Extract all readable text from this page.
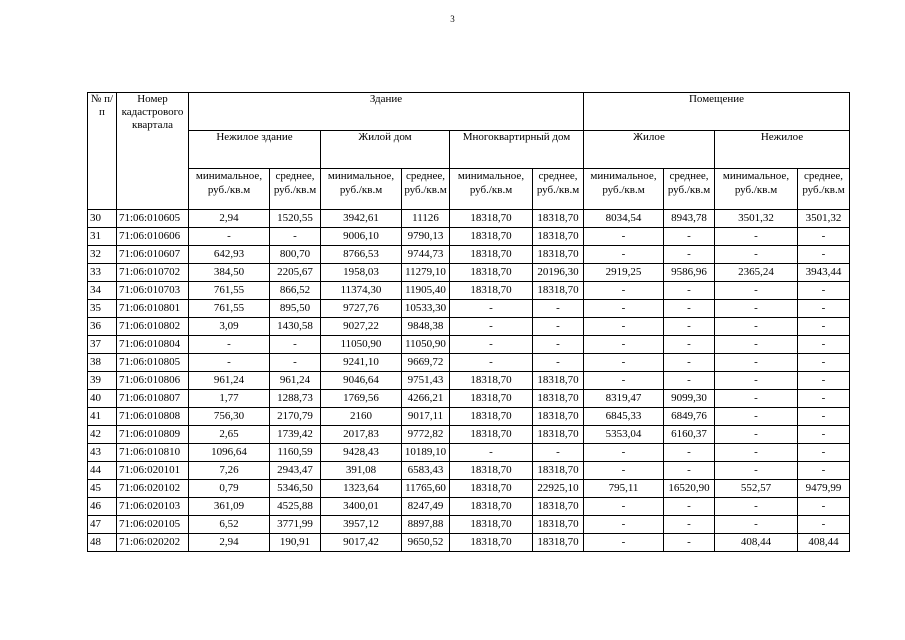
3
№ п/п	Номер кадастрового квартала	Здание						Помещение			
		Нежилое здание		Жилой дом		Многоквартирный дом		Жилое		Нежилое	
		минимальное, руб./кв.м	среднее, руб./кв.м	минимальное, руб./кв.м	среднее, руб./кв.м	минимальное, руб./кв.м	среднее, руб./кв.м	минимальное, руб./кв.м	среднее, руб./кв.м	минимальное, руб./кв.м	среднее, руб./кв.м
30	71:06:010605	2,94	1520,55	3942,61	11126	18318,70	18318,70	8034,54	8943,78	3501,32	3501,32
31	71:06:010606	-	-	9006,10	9790,13	18318,70	18318,70	-	-	-	-
32	71:06:010607	642,93	800,70	8766,53	9744,73	18318,70	18318,70	-	-	-	-
33	71:06:010702	384,50	2205,67	1958,03	11279,10	18318,70	20196,30	2919,25	9586,96	2365,24	3943,44
34	71:06:010703	761,55	866,52	11374,30	11905,40	18318,70	18318,70	-	-	-	-
35	71:06:010801	761,55	895,50	9727,76	10533,30	-	-	-	-	-	-
36	71:06:010802	3,09	1430,58	9027,22	9848,38	-	-	-	-	-	-
37	71:06:010804	-	-	11050,90	11050,90	-	-	-	-	-	-
38	71:06:010805	-	-	9241,10	9669,72	-	-	-	-	-	-
39	71:06:010806	961,24	961,24	9046,64	9751,43	18318,70	18318,70	-	-	-	-
40	71:06:010807	1,77	1288,73	1769,56	4266,21	18318,70	18318,70	8319,47	9099,30	-	-
41	71:06:010808	756,30	2170,79	2160	9017,11	18318,70	18318,70	6845,33	6849,76	-	-
42	71:06:010809	2,65	1739,42	2017,83	9772,82	18318,70	18318,70	5353,04	6160,37	-	-
43	71:06:010810	1096,64	1160,59	9428,43	10189,10	-	-	-	-	-	-
44	71:06:020101	7,26	2943,47	391,08	6583,43	18318,70	18318,70	-	-	-	-
45	71:06:020102	0,79	5346,50	1323,64	11765,60	18318,70	22925,10	795,11	16520,90	552,57	9479,99
46	71:06:020103	361,09	4525,88	3400,01	8247,49	18318,70	18318,70	-	-	-	-
47	71:06:020105	6,52	3771,99	3957,12	8897,88	18318,70	18318,70	-	-	-	-
48	71:06:020202	2,94	190,91	9017,42	9650,52	18318,70	18318,70	-	-	408,44	408,44
